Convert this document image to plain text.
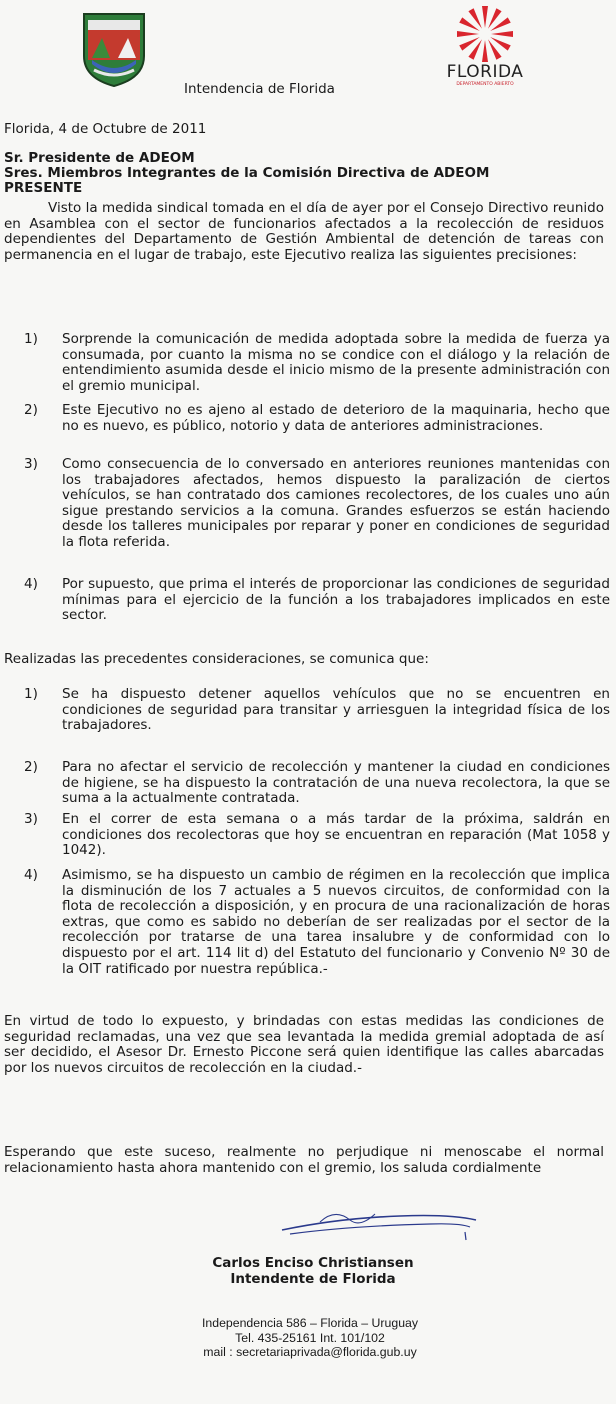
Intendencia de Florida
FLORIDA
DEPARTAMENTO ABIERTO
Florida, 4 de Octubre de 2011
Sr. Presidente de ADEOM
Sres. Miembros Integrantes de la Comisión Directiva de ADEOM
PRESENTE
Visto la medida sindical tomada en el día de ayer por el Consejo Directivo reunido en Asamblea con el sector de funcionarios afectados a la recolección de residuos dependientes del Departamento de Gestión Ambiental de detención de tareas con permanencia en el lugar de trabajo, este Ejecutivo realiza las siguientes precisiones:
1)	Sorprende la comunicación de medida adoptada sobre la medida de fuerza ya consumada, por cuanto la misma no se condice con el diálogo y la relación de entendimiento asumida desde el inicio mismo de la presente administración con el gremio municipal.
2)	Este Ejecutivo no es ajeno al estado de deterioro de la maquinaria, hecho que no es nuevo, es público, notorio y data de anteriores administraciones.
3)	Como consecuencia de lo conversado en anteriores reuniones mantenidas con los trabajadores afectados, hemos dispuesto la paralización de ciertos vehículos, se han contratado dos camiones recolectores, de los cuales uno aún sigue prestando servicios a la comuna. Grandes esfuerzos se están haciendo desde los talleres municipales por reparar y poner en condiciones de seguridad la flota referida.
4)	Por supuesto, que prima el interés de proporcionar las condiciones de seguridad mínimas para el ejercicio de la función a los trabajadores implicados en este sector.
Realizadas las precedentes consideraciones, se comunica que:
1)	Se ha dispuesto detener aquellos vehículos que no se encuentren en condiciones de seguridad para transitar y arriesguen la integridad física de los trabajadores.
2)	Para no afectar el servicio de recolección y mantener la ciudad en condiciones de higiene, se ha dispuesto la contratación de una nueva recolectora, la que se suma a la actualmente contratada.
3)	En el correr de esta semana o a más tardar de la próxima, saldrán en condiciones dos recolectoras que hoy se encuentran en reparación (Mat 1058 y 1042).
4)	Asimismo, se ha dispuesto un cambio de régimen en la recolección que implica la disminución de los 7 actuales a 5 nuevos circuitos, de conformidad con la flota de recolección a disposición, y en procura de una racionalización de horas extras, que como es sabido no deberían de ser realizadas por el sector de la recolección por tratarse de una tarea insalubre y de conformidad con lo dispuesto por el art. 114 lit d) del Estatuto del funcionario y Convenio Nº 30 de la OIT ratificado por nuestra república.-
En virtud de todo lo expuesto, y brindadas con estas medidas las condiciones de seguridad reclamadas, una vez que sea levantada la medida gremial adoptada de así ser decidido, el Asesor Dr. Ernesto Piccone será quien identifique las calles abarcadas por los nuevos circuitos de recolección en la ciudad.-
Esperando que este suceso, realmente no perjudique ni menoscabe el normal relacionamiento hasta ahora mantenido con el gremio, los saluda cordialmente
Carlos Enciso Christiansen
Intendente de Florida
Independencia 586 – Florida – Uruguay
Tel. 435-25161 Int. 101/102
mail : secretariaprivada@florida.gub.uy
